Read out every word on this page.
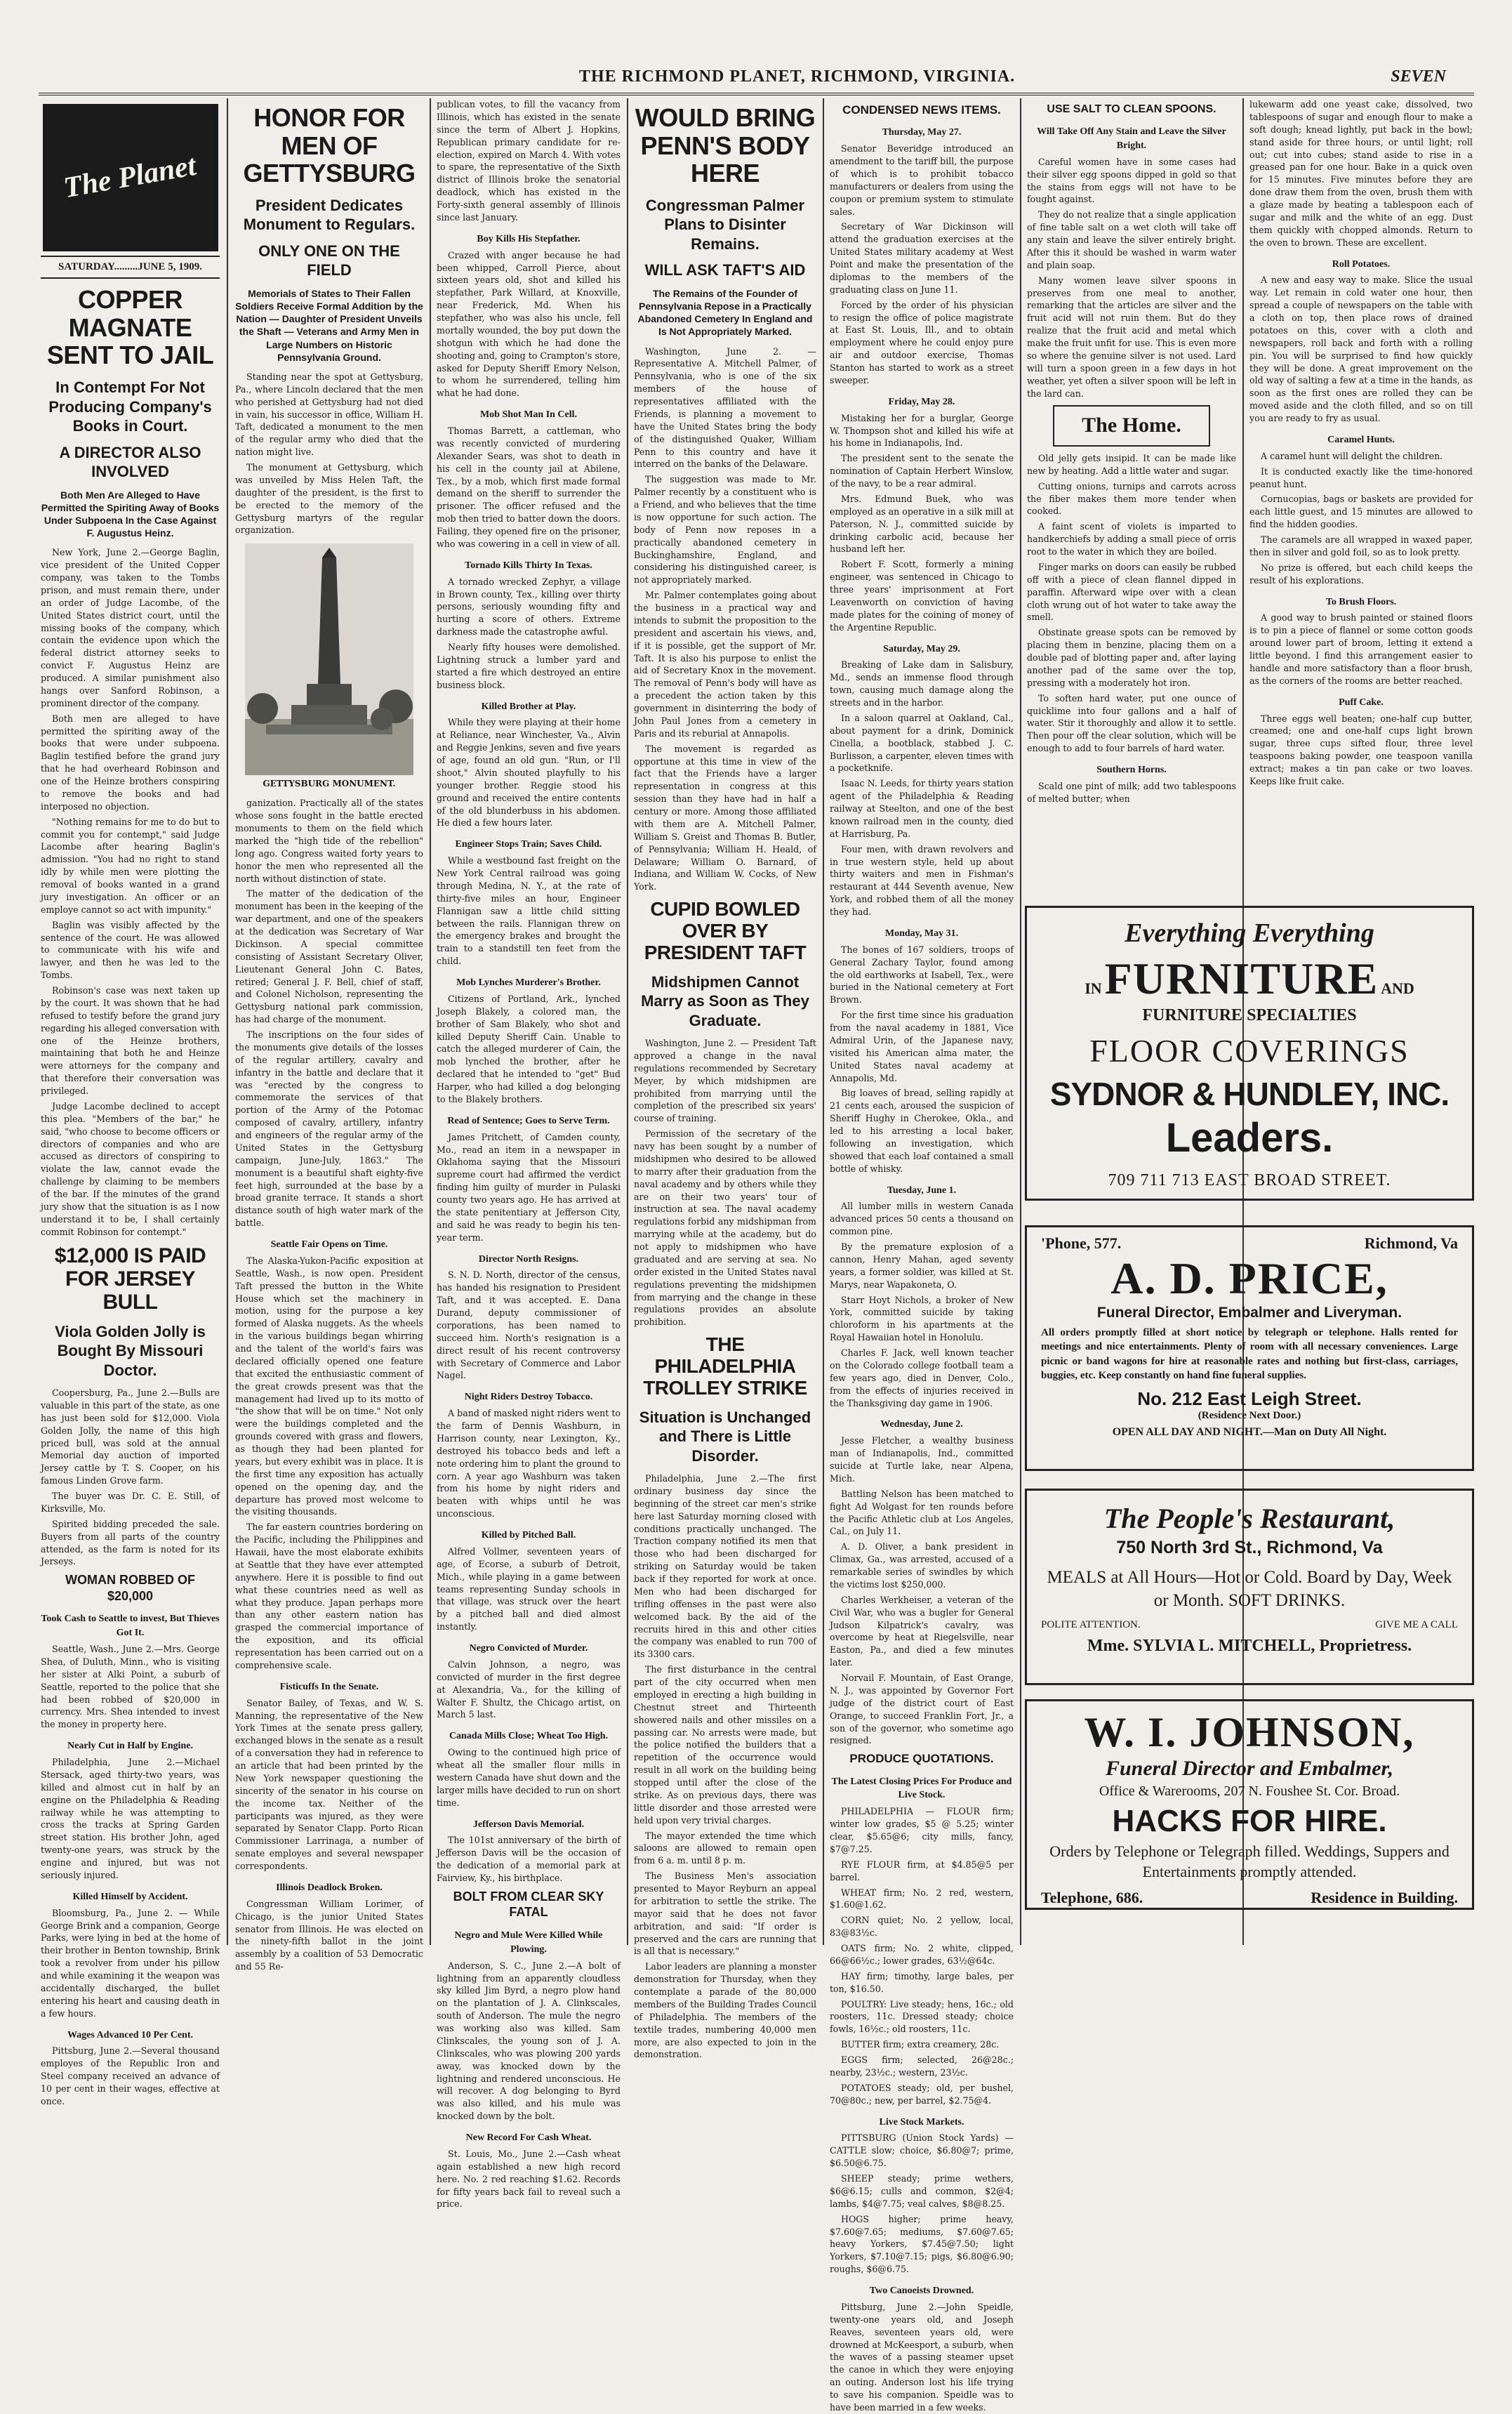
THE RICHMOND PLANET, RICHMOND, VIRGINIA.	SEVEN
The Planet
SATURDAY.........JUNE 5, 1909.
COPPER MAGNATE SENT TO JAIL
In Contempt For Not Producing Company's Books in Court.
A DIRECTOR ALSO INVOLVED
Both Men Are Alleged to Have Permitted the Spiriting Away of Books Under Subpoena In the Case Against F. Augustus Heinz.

New York, June 2.—George Baglin, vice president of the United Copper company, was taken to the Tombs prison, and must remain there, under an order of Judge Lacombe, of the United States district court, until the missing books of the company, which contain the evidence upon which the federal district attorney seeks to convict F. Augustus Heinz are produced. A similar punishment also hangs over Sanford Robinson, a prominent director of the company.

Both men are alleged to have permitted the spiriting away of the books that were under subpoena. Baglin testified before the grand jury that he had overheard Robinson and one of the Heinze brothers conspiring to remove the books and had interposed no objection.

"Nothing remains for me to do but to commit you for contempt," said Judge Lacombe after hearing Baglin's admission. "You had no right to stand idly by while men were plotting the removal of books wanted in a grand jury investigation. An officer or an employe cannot so act with impunity."

Baglin was visibly affected by the sentence of the court. He was allowed to communicate with his wife and lawyer, and then he was led to the Tombs.

Robinson's case was next taken up by the court. It was shown that he had refused to testify before the grand jury regarding his alleged conversation with one of the Heinze brothers, maintaining that both he and Heinze were attorneys for the company and that therefore their conversation was privileged.

Judge Lacombe declined to accept this plea. "Members of the bar," he said, "who choose to become officers or directors of companies and who are accused as directors of conspiring to violate the law, cannot evade the challenge by claiming to be members of the bar. If the minutes of the grand jury show that the situation is as I now understand it to be, I shall certainly commit Robinson for contempt."

$12,000 IS PAID FOR JERSEY BULL
Viola Golden Jolly is Bought By Missouri Doctor.

Coopersburg, Pa., June 2.—Bulls are valuable in this part of the state, as one has just been sold for $12,000. Viola Golden Jolly, the name of this high priced bull, was sold at the annual Memorial day auction of imported Jersey cattle by T. S. Cooper, on his famous Linden Grove farm.

The buyer was Dr. C. E. Still, of Kirksville, Mo.

Spirited bidding preceded the sale. Buyers from all parts of the country attended, as the farm is noted for its Jerseys.

WOMAN ROBBED OF $20,000
Took Cash to Seattle to invest, But Thieves Got It.

Seattle, Wash., June 2.—Mrs. George Shea, of Duluth, Minn., who is visiting her sister at Alki Point, a suburb of Seattle, reported to the police that she had been robbed of $20,000 in currency. Mrs. Shea intended to invest the money in property here.

Nearly Cut in Half by Engine.

Philadelphia, June 2.—Michael Stersack, aged thirty-two years, was killed and almost cut in half by an engine on the Philadelphia & Reading railway while he was attempting to cross the tracks at Spring Garden street station. His brother John, aged twenty-one years, was struck by the engine and injured, but was not seriously injured.

Killed Himself by Accident.

Bloomsburg, Pa., June 2. — While George Brink and a companion, George Parks, were lying in bed at the home of their brother in Benton township, Brink took a revolver from under his pillow and while examining it the weapon was accidentally discharged, the bullet entering his heart and causing death in a few hours.

Wages Advanced 10 Per Cent.

Pittsburg, June 2.—Several thousand employes of the Republic Iron and Steel company received an advance of 10 per cent in their wages, effective at once.

HONOR FOR MEN OF GETTYSBURG
President Dedicates Monument to Regulars.
ONLY ONE ON THE FIELD
Memorials of States to Their Fallen Soldiers Receive Formal Addition by the Nation — Daughter of President Unveils the Shaft — Veterans and Army Men in Large Numbers on Historic Pennsylvania Ground.

Standing near the spot at Gettysburg, Pa., where Lincoln declared that the men who perished at Gettysburg had not died in vain, his successor in office, William H. Taft, dedicated a monument to the men of the regular army who died that the nation might live.

The monument at Gettysburg, which was unveiled by Miss Helen Taft, the daughter of the president, is the first to be erected to the memory of the Gettysburg martyrs of the regular organization.

GETTYSBURG MONUMENT.

ganization. Practically all of the states whose sons fought in the battle erected monuments to them on the field which marked the "high tide of the rebellion" long ago. Congress waited forty years to honor the men who represented all the north without distinction of state.

The matter of the dedication of the monument has been in the keeping of the war department, and one of the speakers at the dedication was Secretary of War Dickinson. A special committee consisting of Assistant Secretary Oliver, Lieutenant General John C. Bates, retired; General J. F. Bell, chief of staff, and Colonel Nicholson, representing the Gettysburg national park commission, has had charge of the monument.

The inscriptions on the four sides of the monuments give details of the losses of the regular artillery, cavalry and infantry in the battle and declare that it was "erected by the congress to commemorate the services of that portion of the Army of the Potomac composed of cavalry, artillery, infantry and engineers of the regular army of the United States in the Gettysburg campaign, June-July, 1863." The monument is a beautiful shaft eighty-five feet high, surrounded at the base by a broad granite terrace. It stands a short distance south of high water mark of the battle.

Seattle Fair Opens on Time.

The Alaska-Yukon-Pacific exposition at Seattle, Wash., is now open. President Taft pressed the button in the White House which set the machinery in motion, using for the purpose a key formed of Alaska nuggets. As the wheels in the various buildings began whirring and the talent of the world's fairs was declared officially opened one feature that excited the enthusiastic comment of the great crowds present was that the management had lived up to its motto of "the show that will be on time." Not only were the buildings completed and the grounds covered with grass and flowers, as though they had been planted for years, but every exhibit was in place. It is the first time any exposition has actually opened on the opening day, and the departure has proved most welcome to the visiting thousands.

The far eastern countries bordering on the Pacific, including the Philippines and Hawaii, have the most elaborate exhibits at Seattle that they have ever attempted anywhere. Here it is possible to find out what these countries need as well as what they produce. Japan perhaps more than any other eastern nation has grasped the commercial importance of the exposition, and its official representation has been carried out on a comprehensive scale.

Fisticuffs In the Senate.

Senator Bailey, of Texas, and W. S. Manning, the representative of the New York Times at the senate press gallery, exchanged blows in the senate as a result of a conversation they had in reference to an article that had been printed by the New York newspaper questioning the sincerity of the senator in his course on the income tax. Neither of the participants was injured, as they were separated by Senator Clapp. Porto Rican Commissioner Larrinaga, a number of senate employes and several newspaper correspondents.

Illinois Deadlock Broken.

Congressman William Lorimer, of Chicago, is the junior United States senator from Illinois. He was elected on the ninety-fifth ballot in the joint assembly by a coalition of 53 Democratic and 55 Re-

publican votes, to fill the vacancy from Illinois, which has existed in the senate since the term of Albert J. Hopkins, Republican primary candidate for re-election, expired on March 4. With votes to spare, the representative of the Sixth district of Illinois broke the senatorial deadlock, which has existed in the Forty-sixth general assembly of Illinois since last January.

Boy Kills His Stepfather.

Crazed with anger because he had been whipped, Carroll Pierce, about sixteen years old, shot and killed his stepfather, Park Willard, at Knoxville, near Frederick, Md. When his stepfather, who was also his uncle, fell mortally wounded, the boy put down the shotgun with which he had done the shooting and, going to Crampton's store, asked for Deputy Sheriff Emory Nelson, to whom he surrendered, telling him what he had done.

Mob Shot Man In Cell.

Thomas Barrett, a cattleman, who was recently convicted of murdering Alexander Sears, was shot to death in his cell in the county jail at Abilene, Tex., by a mob, which first made formal demand on the sheriff to surrender the prisoner. The officer refused and the mob then tried to batter down the doors. Failing, they opened fire on the prisoner, who was cowering in a cell in view of all.

Tornado Kills Thirty In Texas.

A tornado wrecked Zephyr, a village in Brown county, Tex., killing over thirty persons, seriously wounding fifty and hurting a score of others. Extreme darkness made the catastrophe awful.

Nearly fifty houses were demolished. Lightning struck a lumber yard and started a fire which destroyed an entire business block.

Killed Brother at Play.

While they were playing at their home at Reliance, near Winchester, Va., Alvin and Reggie Jenkins, seven and five years of age, found an old gun. "Run, or I'll shoot," Alvin shouted playfully to his younger brother. Reggie stood his ground and received the entire contents of the old blunderbuss in his abdomen. He died a few hours later.

Engineer Stops Train; Saves Child.

While a westbound fast freight on the New York Central railroad was going through Medina, N. Y., at the rate of thirty-five miles an hour, Engineer Flannigan saw a little child sitting between the rails. Flannigan threw on the emergency brakes and brought the train to a standstill ten feet from the child.

Mob Lynches Murderer's Brother.

Citizens of Portland, Ark., lynched Joseph Blakely, a colored man, the brother of Sam Blakely, who shot and killed Deputy Sheriff Cain. Unable to catch the alleged murderer of Cain, the mob lynched the brother, after he declared that he intended to "get" Bud Harper, who had killed a dog belonging to the Blakely brothers.

Read of Sentence; Goes to Serve Term.

James Pritchett, of Camden county, Mo., read an item in a newspaper in Oklahoma saying that the Missouri supreme court had affirmed the verdict finding him guilty of murder in Pulaski county two years ago. He has arrived at the state penitentiary at Jefferson City, and said he was ready to begin his ten-year term.

Director North Resigns.

S. N. D. North, director of the census, has handed his resignation to President Taft, and it was accepted. E. Dana Durand, deputy commissioner of corporations, has been named to succeed him. North's resignation is a direct result of his recent controversy with Secretary of Commerce and Labor Nagel.

Night Riders Destroy Tobacco.

A band of masked night riders went to the farm of Dennis Washburn, in Harrison county, near Lexington, Ky., destroyed his tobacco beds and left a note ordering him to plant the ground to corn. A year ago Washburn was taken from his home by night riders and beaten with whips until he was unconscious.

Killed by Pitched Ball.

Alfred Vollmer, seventeen years of age, of Ecorse, a suburb of Detroit, Mich., while playing in a game between teams representing Sunday schools in that village, was struck over the heart by a pitched ball and died almost instantly.

Negro Convicted of Murder.

Calvin Johnson, a negro, was convicted of murder in the first degree at Alexandria, Va., for the killing of Walter F. Shultz, the Chicago artist, on March 5 last.

Canada Mills Close; Wheat Too High.

Owing to the continued high price of wheat all the smaller flour mills in western Canada have shut down and the larger mills have decided to run on short time.

Jefferson Davis Memorial.

The 101st anniversary of the birth of Jefferson Davis will be the occasion of the dedication of a memorial park at Fairview, Ky., his birthplace.

BOLT FROM CLEAR SKY FATAL
Negro and Mule Were Killed While Plowing.

Anderson, S. C., June 2.—A bolt of lightning from an apparently cloudless sky killed Jim Byrd, a negro plow hand on the plantation of J. A. Clinkscales, south of Anderson. The mule the negro was working also was killed. Sam Clinkscales, the young son of J. A. Clinkscales, who was plowing 200 yards away, was knocked down by the lightning and rendered unconscious. He will recover. A dog belonging to Byrd was also killed, and his mule was knocked down by the bolt.

New Record For Cash Wheat.

St. Louis, Mo., June 2.—Cash wheat again established a new high record here. No. 2 red reaching $1.62. Records for fifty years back fail to reveal such a price.

WOULD BRING PENN'S BODY HERE
Congressman Palmer Plans to Disinter Remains.
WILL ASK TAFT'S AID
The Remains of the Founder of Pennsylvania Repose in a Practically Abandoned Cemetery In England and Is Not Appropriately Marked.

Washington, June 2. — Representative A. Mitchell Palmer, of Pennsylvania, who is one of the six members of the house of representatives affiliated with the Friends, is planning a movement to have the United States bring the body of the distinguished Quaker, William Penn to this country and have it interred on the banks of the Delaware.

The suggestion was made to Mr. Palmer recently by a constituent who is a Friend, and who believes that the time is now opportune for such action. The body of Penn now reposes in a practically abandoned cemetery in Buckinghamshire, England, and considering his distinguished career, is not appropriately marked.

Mr. Palmer contemplates going about the business in a practical way and intends to submit the proposition to the president and ascertain his views, and, if it is possible, get the support of Mr. Taft. It is also his purpose to enlist the aid of Secretary Knox in the movement. The removal of Penn's body will have as a precedent the action taken by this government in disinterring the body of John Paul Jones from a cemetery in Paris and its reburial at Annapolis.

The movement is regarded as opportune at this time in view of the fact that the Friends have a larger representation in congress at this session than they have had in half a century or more. Among those affiliated with them are A. Mitchell Palmer, William S. Greist and Thomas B. Butler, of Pennsylvania; William H. Heald, of Delaware; William O. Barnard, of Indiana, and William W. Cocks, of New York.

CUPID BOWLED OVER BY PRESIDENT TAFT
Midshipmen Cannot Marry as Soon as They Graduate.

Washington, June 2. — President Taft approved a change in the naval regulations recommended by Secretary Meyer, by which midshipmen are prohibited from marrying until the completion of the prescribed six years' course of training.

Permission of the secretary of the navy has been sought by a number of midshipmen who desired to be allowed to marry after their graduation from the naval academy and by others while they are on their two years' tour of instruction at sea. The naval academy regulations forbid any midshipman from marrying while at the academy, but do not apply to midshipmen who have graduated and are serving at sea. No order existed in the United States naval regulations preventing the midshipmen from marrying and the change in these regulations provides an absolute prohibition.

THE PHILADELPHIA TROLLEY STRIKE
Situation is Unchanged and There is Little Disorder.

Philadelphia, June 2.—The first ordinary business day since the beginning of the street car men's strike here last Saturday morning closed with conditions practically unchanged. The Traction company notified its men that those who had been discharged for striking on Saturday would be taken back if they reported for work at once. Men who had been discharged for trifling offenses in the past were also welcomed back. By the aid of the recruits hired in this and other cities the company was enabled to run 700 of its 3300 cars.

The first disturbance in the central part of the city occurred when men employed in erecting a high building in Chestnut street and Thirteenth showered nails and other missiles on a passing car. No arrests were made, but the police notified the builders that a repetition of the occurrence would result in all work on the building being stopped until after the close of the strike. As on previous days, there was little disorder and those arrested were held upon very trivial charges.

The mayor extended the time which saloons are allowed to remain open from 6 a. m. until 8 p. m.

The Business Men's association presented to Mayor Reyburn an appeal for arbitration to settle the strike. The mayor said that he does not favor arbitration, and said: "If order is preserved and the cars are running that is all that is necessary."

Labor leaders are planning a monster demonstration for Thursday, when they contemplate a parade of the 80,000 members of the Building Trades Council of Philadelphia. The members of the textile trades, numbering 40,000 men more, are also expected to join in the demonstration.

CONDENSED NEWS ITEMS.
Thursday, May 27.

Senator Beveridge introduced an amendment to the tariff bill, the purpose of which is to prohibit tobacco manufacturers or dealers from using the coupon or premium system to stimulate sales.

Secretary of War Dickinson will attend the graduation exercises at the United States military academy at West Point and make the presentation of the diplomas to the members of the graduating class on June 11.

Forced by the order of his physician to resign the office of police magistrate at East St. Louis, Ill., and to obtain employment where he could enjoy pure air and outdoor exercise, Thomas Stanton has started to work as a street sweeper.

Friday, May 28.

Mistaking her for a burglar, George W. Thompson shot and killed his wife at his home in Indianapolis, Ind.

The president sent to the senate the nomination of Captain Herbert Winslow, of the navy, to be a rear admiral.

Mrs. Edmund Buek, who was employed as an operative in a silk mill at Paterson, N. J., committed suicide by drinking carbolic acid, because her husband left her.

Robert F. Scott, formerly a mining engineer, was sentenced in Chicago to three years' imprisonment at Fort Leavenworth on conviction of having made plates for the coining of money of the Argentine Republic.

Saturday, May 29.

Breaking of Lake dam in Salisbury, Md., sends an immense flood through town, causing much damage along the streets and in the harbor.

In a saloon quarrel at Oakland, Cal., about payment for a drink, Dominick Cinella, a bootblack, stabbed J. C. Burlisson, a carpenter, eleven times with a pocketknife.

Isaac N. Leeds, for thirty years station agent of the Philadelphia & Reading railway at Steelton, and one of the best known railroad men in the county, died at Harrisburg, Pa.

Four men, with drawn revolvers and in true western style, held up about thirty waiters and men in Fishman's restaurant at 444 Seventh avenue, New York, and robbed them of all the money they had.

Monday, May 31.

The bones of 167 soldiers, troops of General Zachary Taylor, found among the old earthworks at Isabell, Tex., were buried in the National cemetery at Fort Brown.

For the first time since his graduation from the naval academy in 1881, Vice Admiral Urin, of the Japanese navy, visited his American alma mater, the United States naval academy at Annapolis, Md.

Big loaves of bread, selling rapidly at 21 cents each, aroused the suspicion of Sheriff Hughy in Cherokee, Okla., and led to his arresting a local baker, following an investigation, which showed that each loaf contained a small bottle of whisky.

Tuesday, June 1.

All lumber mills in western Canada advanced prices 50 cents a thousand on common pine.

By the premature explosion of a cannon, Henry Mahan, aged seventy years, a former soldier, was killed at St. Marys, near Wapakoneta, O.

Starr Hoyt Nichols, a broker of New York, committed suicide by taking chloroform in his apartments at the Royal Hawaiian hotel in Honolulu.

Charles F. Jack, well known teacher on the Colorado college football team a few years ago, died in Denver, Colo., from the effects of injuries received in the Thanksgiving day game in 1906.

Wednesday, June 2.

Jesse Fletcher, a wealthy business man of Indianapolis, Ind., committed suicide at Turtle lake, near Alpena, Mich.

Battling Nelson has been matched to fight Ad Wolgast for ten rounds before the Pacific Athletic club at Los Angeles, Cal., on July 11.

A. D. Oliver, a bank president in Climax, Ga., was arrested, accused of a remarkable series of swindles by which the victims lost $250,000.

Charles Werkheiser, a veteran of the Civil War, who was a bugler for General Judson Kilpatrick's cavalry, was overcome by heat at Riegelsville, near Easton, Pa., and died a few minutes later.

Norvail F. Mountain, of East Orange, N. J., was appointed by Governor Fort judge of the district court of East Orange, to succeed Franklin Fort, Jr., a son of the governor, who sometime ago resigned.

PRODUCE QUOTATIONS.
The Latest Closing Prices For Produce and Live Stock.

PHILADELPHIA — FLOUR firm; winter low grades, $5 @ 5.25; winter clear, $5.65@6; city mills, fancy, $7@7.25.

RYE FLOUR firm, at $4.85@5 per barrel.

WHEAT firm; No. 2 red, western, $1.60@1.62.

CORN quiet; No. 2 yellow, local, 83@83½c.

OATS firm; No. 2 white, clipped, 66@66½c.; lower grades, 63½@64c.

HAY firm; timothy, large bales, per ton, $16.50.

POULTRY: Live steady; hens, 16c.; old roosters, 11c. Dressed steady; choice fowls, 16½c.; old roosters, 11c.

BUTTER firm; extra creamery, 28c.

EGGS firm; selected, 26@28c.; nearby, 23½c.; western, 23½c.

POTATOES steady; old, per bushel, 70@80c.; new, per barrel, $2.75@4.

Live Stock Markets.

PITTSBURG (Union Stock Yards) — CATTLE slow; choice, $6.80@7; prime, $6.50@6.75.

SHEEP steady; prime wethers, $6@6.15; culls and common, $2@4; lambs, $4@7.75; veal calves, $8@8.25.

HOGS higher; prime heavy, $7.60@7.65; mediums, $7.60@7.65; heavy Yorkers, $7.45@7.50; light Yorkers, $7.10@7.15; pigs, $6.80@6.90; roughs, $6@6.75.

Two Canoeists Drowned.

Pittsburg, June 2.—John Speidle, twenty-one years old, and Joseph Reaves, seventeen years old, were drowned at McKeesport, a suburb, when the waves of a passing steamer upset the canoe in which they were enjoying an outing. Anderson lost his life trying to save his companion. Speidle was to have been married in a few weeks.

USE SALT TO CLEAN SPOONS.
Will Take Off Any Stain and Leave the Silver Bright.

Careful women have in some cases had their silver egg spoons dipped in gold so that the stains from eggs will not have to be fought against.

They do not realize that a single application of fine table salt on a wet cloth will take off any stain and leave the silver entirely bright. After this it should be washed in warm water and plain soap.

Many women leave silver spoons in preserves from one meal to another, remarking that the articles are silver and the fruit acid will not ruin them. But do they realize that the fruit acid and metal which make the fruit unfit for use. This is even more so where the genuine silver is not used. Lard will turn a spoon green in a few days in hot weather, yet often a silver spoon will be left in the lard can.

The Home.

Old jelly gets insipid. It can be made like new by heating. Add a little water and sugar.

Cutting onions, turnips and carrots across the fiber makes them more tender when cooked.

A faint scent of violets is imparted to handkerchiefs by adding a small piece of orris root to the water in which they are boiled.

Finger marks on doors can easily be rubbed off with a piece of clean flannel dipped in paraffin. Afterward wipe over with a clean cloth wrung out of hot water to take away the smell.

Obstinate grease spots can be removed by placing them in benzine, placing them on a double pad of blotting paper and, after laying another pad of the same over the top, pressing with a moderately hot iron.

To soften hard water, put one ounce of quicklime into four gallons and a half of water. Stir it thoroughly and allow it to settle. Then pour off the clear solution, which will be enough to add to four barrels of hard water.

Southern Horns.

Scald one pint of milk; add two tablespoons of melted butter; when

lukewarm add one yeast cake, dissolved, two tablespoons of sugar and enough flour to make a soft dough; knead lightly, put back in the bowl; stand aside for three hours, or until light; roll out; cut into cubes; stand aside to rise in a greased pan for one hour. Bake in a quick oven for 15 minutes. Five minutes before they are done draw them from the oven, brush them with a glaze made by beating a tablespoon each of sugar and milk and the white of an egg. Dust them quickly with chopped almonds. Return to the oven to brown. These are excellent.

Roll Potatoes.

A new and easy way to make. Slice the usual way. Let remain in cold water one hour, then spread a couple of newspapers on the table with a cloth on top, then place rows of drained potatoes on this, cover with a cloth and newspapers, roll back and forth with a rolling pin. You will be surprised to find how quickly they will be done. A great improvement on the old way of salting a few at a time in the hands, as soon as the first ones are rolled they can be moved aside and the cloth filled, and so on till you are ready to fry as usual.

Caramel Hunts.

A caramel hunt will delight the children.

It is conducted exactly like the time-honored peanut hunt.

Cornucopias, bags or baskets are provided for each little guest, and 15 minutes are allowed to find the hidden goodies.

The caramels are all wrapped in waxed paper, then in silver and gold foil, so as to look pretty.

No prize is offered, but each child keeps the result of his explorations.

To Brush Floors.

A good way to brush painted or stained floors is to pin a piece of flannel or some cotton goods around lower part of broom, letting it extend a little beyond. I find this arrangement easier to handle and more satisfactory than a floor brush, as the corners of the rooms are better reached.

Puff Cake.

Three eggs well beaten; one-half cup butter, creamed; one and one-half cups light brown sugar, three cups sifted flour, three level teaspoons baking powder, one teaspoon vanilla extract; makes a tin pan cake or two loaves. Keeps like fruit cake.

Everything Everything
IN FURNITURE AND
FURNITURE SPECIALTIES
FLOOR COVERINGS
SYDNOR & HUNDLEY, INC.
Leaders.
709 711 713 EAST BROAD STREET.
'Phone, 577.	Richmond, Va
A. D. PRICE,
Funeral Director, Embalmer and Liveryman.
All orders promptly filled at short notice by telegraph or telephone. Halls rented for meetings and nice entertainments. Plenty of room with all necessary conveniences. Large picnic or band wagons for hire at reasonable rates and nothing but first-class, carriages, buggies, etc. Keep constantly on hand fine funeral supplies.
No. 212 East Leigh Street.
(Residence Next Door.)
OPEN ALL DAY AND NIGHT.—Man on Duty All Night.
The People's Restaurant,
750 North 3rd St., Richmond, Va
MEALS at All Hours—Hot or Cold. Board by Day, Week or Month. SOFT DRINKS.
POLITE ATTENTION.	GIVE ME A CALL
Mme. SYLVIA L. MITCHELL, Proprietress.
W. I. JOHNSON,
Funeral Director and Embalmer,
Office & Warerooms, 207 N. Foushee St. Cor. Broad.
HACKS FOR HIRE.
Orders by Telephone or Telegraph filled. Weddings, Suppers and Entertainments promptly attended.
Telephone, 686.	Residence in Building.
